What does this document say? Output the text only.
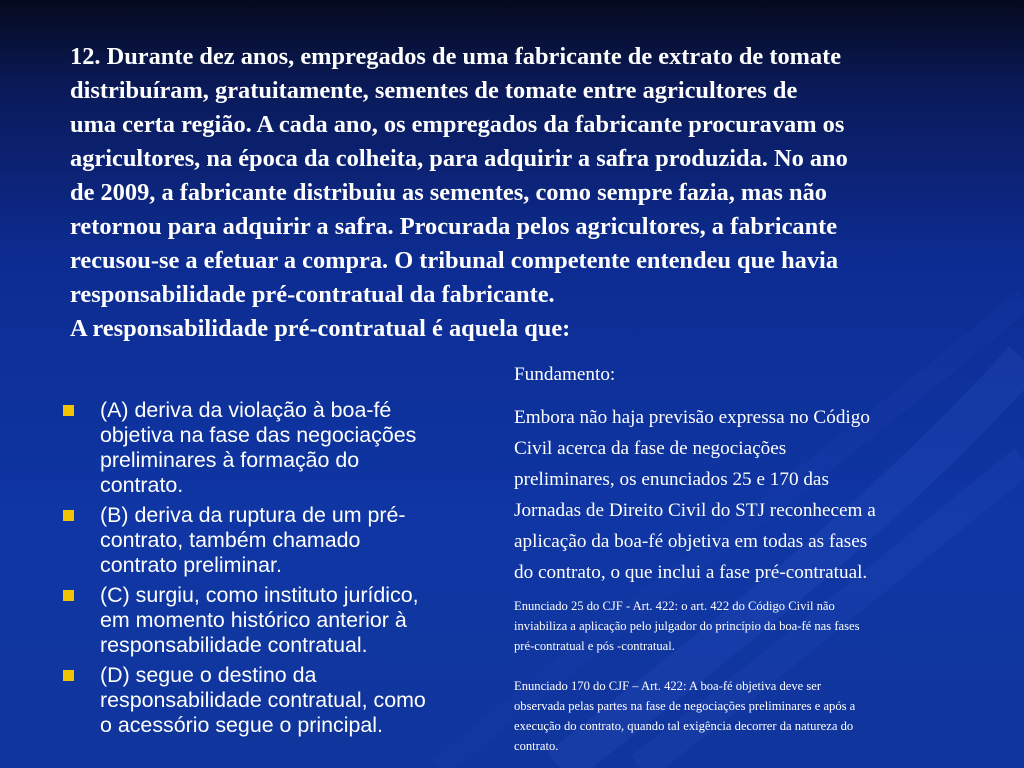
12. Durante dez anos, empregados de uma fabricante de extrato de tomate
distribuíram, gratuitamente, sementes de tomate entre agricultores de
uma certa região. A cada ano, os empregados da fabricante procuravam os
agricultores, na época da colheita, para adquirir a safra produzida. No ano
de 2009, a fabricante distribuiu as sementes, como sempre fazia, mas não
retornou para adquirir a safra. Procurada pelos agricultores, a fabricante
recusou-se a efetuar a compra. O tribunal competente entendeu que havia
responsabilidade pré-contratual da fabricante.
A responsabilidade pré-contratual é aquela que:
(A) deriva da violação à boa-fé
objetiva na fase das negociações
preliminares à formação do
contrato.
(B) deriva da ruptura de um pré-
contrato, também chamado
contrato preliminar.
(C) surgiu, como instituto jurídico,
em momento histórico anterior à
responsabilidade contratual.
(D) segue o destino da
responsabilidade contratual, como
o acessório segue o principal.
Fundamento:
Embora não haja previsão expressa no Código
Civil acerca da fase de negociações
preliminares, os enunciados 25 e 170 das
Jornadas de Direito Civil do STJ reconhecem a
aplicação da boa-fé objetiva em todas as fases
do contrato, o que inclui a fase pré-contratual.
Enunciado 25 do CJF - Art. 422: o art. 422 do Código Civil não
inviabiliza a aplicação pelo julgador do princípio da boa-fé nas fases
pré-contratual e pós -contratual.
Enunciado 170 do CJF – Art. 422: A boa-fé objetiva deve ser
observada pelas partes na fase de negociações preliminares e após a
execução do contrato, quando tal exigência decorrer da natureza do
contrato.
